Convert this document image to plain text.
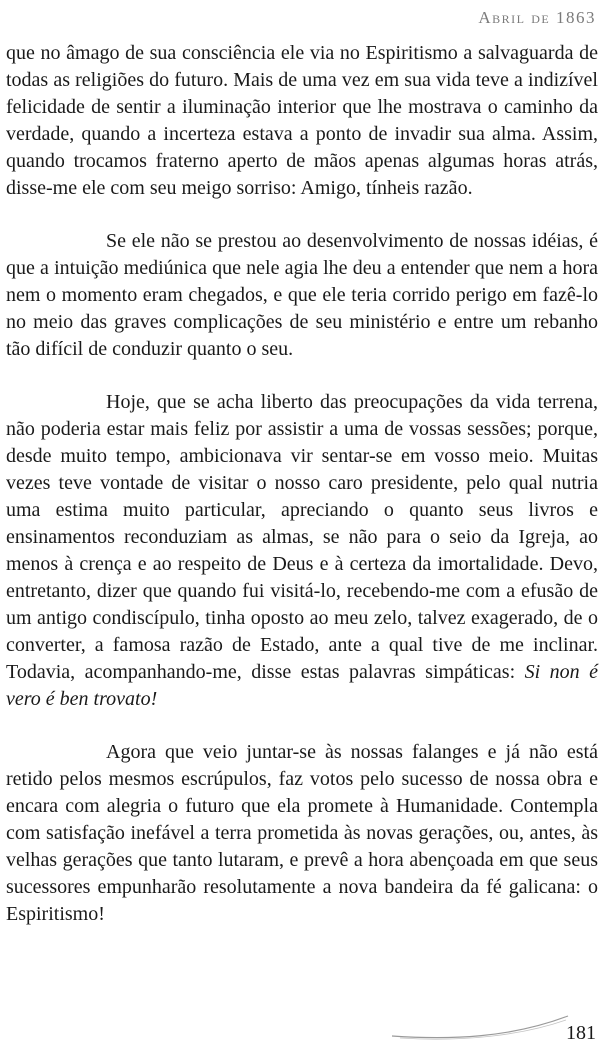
Abril de 1863

que no âmago de sua consciência ele via no Espiritismo a salvaguarda de todas as religiões do futuro. Mais de uma vez em sua vida teve a indizível felicidade de sentir a iluminação interior que lhe mostrava o caminho da verdade, quando a incerteza estava a ponto de invadir sua alma. Assim, quando trocamos fraterno aperto de mãos apenas algumas horas atrás, disse-me ele com seu meigo sorriso: Amigo, tínheis razão.

Se ele não se prestou ao desenvolvimento de nossas idéias, é que a intuição mediúnica que nele agia lhe deu a entender que nem a hora nem o momento eram chegados, e que ele teria corrido perigo em fazê-lo no meio das graves complicações de seu ministério e entre um rebanho tão difícil de conduzir quanto o seu.

Hoje, que se acha liberto das preocupações da vida terrena, não poderia estar mais feliz por assistir a uma de vossas sessões; porque, desde muito tempo, ambicionava vir sentar-se em vosso meio. Muitas vezes teve vontade de visitar o nosso caro presidente, pelo qual nutria uma estima muito particular, apreciando o quanto seus livros e ensinamentos reconduziam as almas, se não para o seio da Igreja, ao menos à crença e ao respeito de Deus e à certeza da imortalidade. Devo, entretanto, dizer que quando fui visitá-lo, recebendo-me com a efusão de um antigo condiscípulo, tinha oposto ao meu zelo, talvez exagerado, de o converter, a famosa razão de Estado, ante a qual tive de me inclinar. Todavia, acompanhando-me, disse estas palavras simpáticas: Si non é vero é ben trovato!

Agora que veio juntar-se às nossas falanges e já não está retido pelos mesmos escrúpulos, faz votos pelo sucesso de nossa obra e encara com alegria o futuro que ela promete à Humanidade. Contempla com satisfação inefável a terra prometida às novas gerações, ou, antes, às velhas gerações que tanto lutaram, e prevê a hora abençoada em que seus sucessores empunharão resolutamente a nova bandeira da fé galicana: o Espiritismo!

181
